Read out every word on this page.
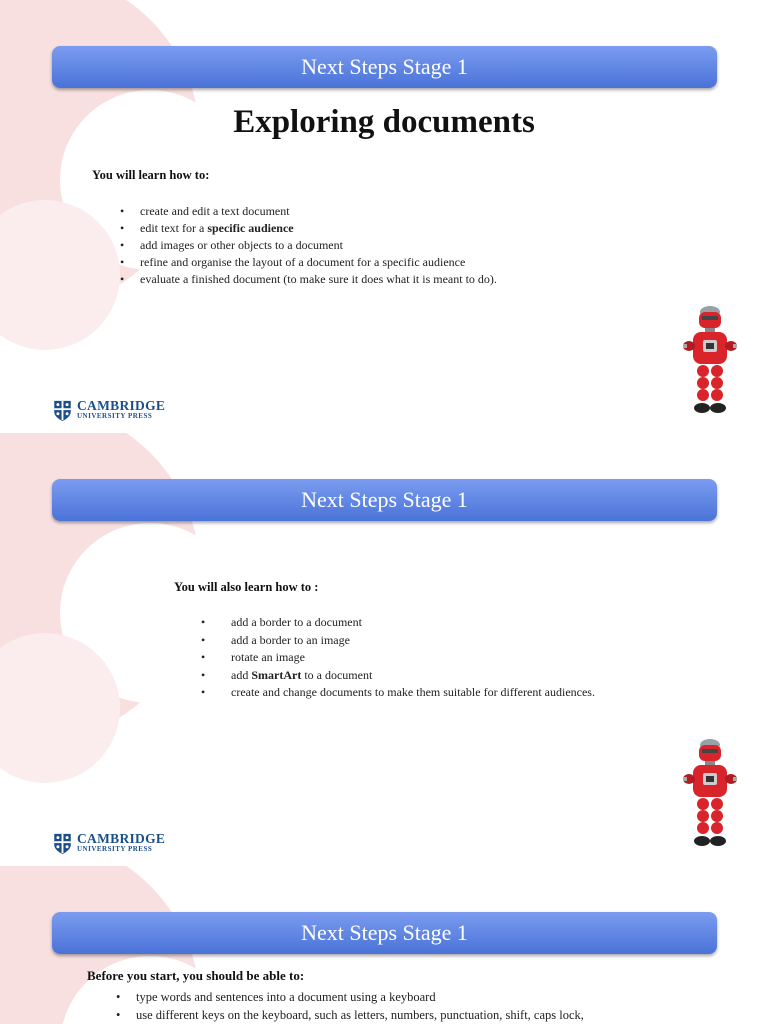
Next Steps Stage 1
Exploring documents
You will learn how to:
• create and edit a text document
• edit text for a specific audience
• add images or other objects to a document
• refine and organise the layout of a document for a specific audience
• evaluate a finished document (to make sure it does what it is meant to do).
CAMBRIDGE
UNIVERSITY PRESS
Next Steps Stage 1
You will also learn how to :
• add a border to a document
• add a border to an image
• rotate an image
• add SmartArt to a document
• create and change documents to make them suitable for different audiences.
CAMBRIDGE
UNIVERSITY PRESS
Next Steps Stage 1
Before you start, you should be able to:
• type words and sentences into a document using a keyboard
• use different keys on the keyboard, such as letters, numbers, punctuation, shift, caps lock,
